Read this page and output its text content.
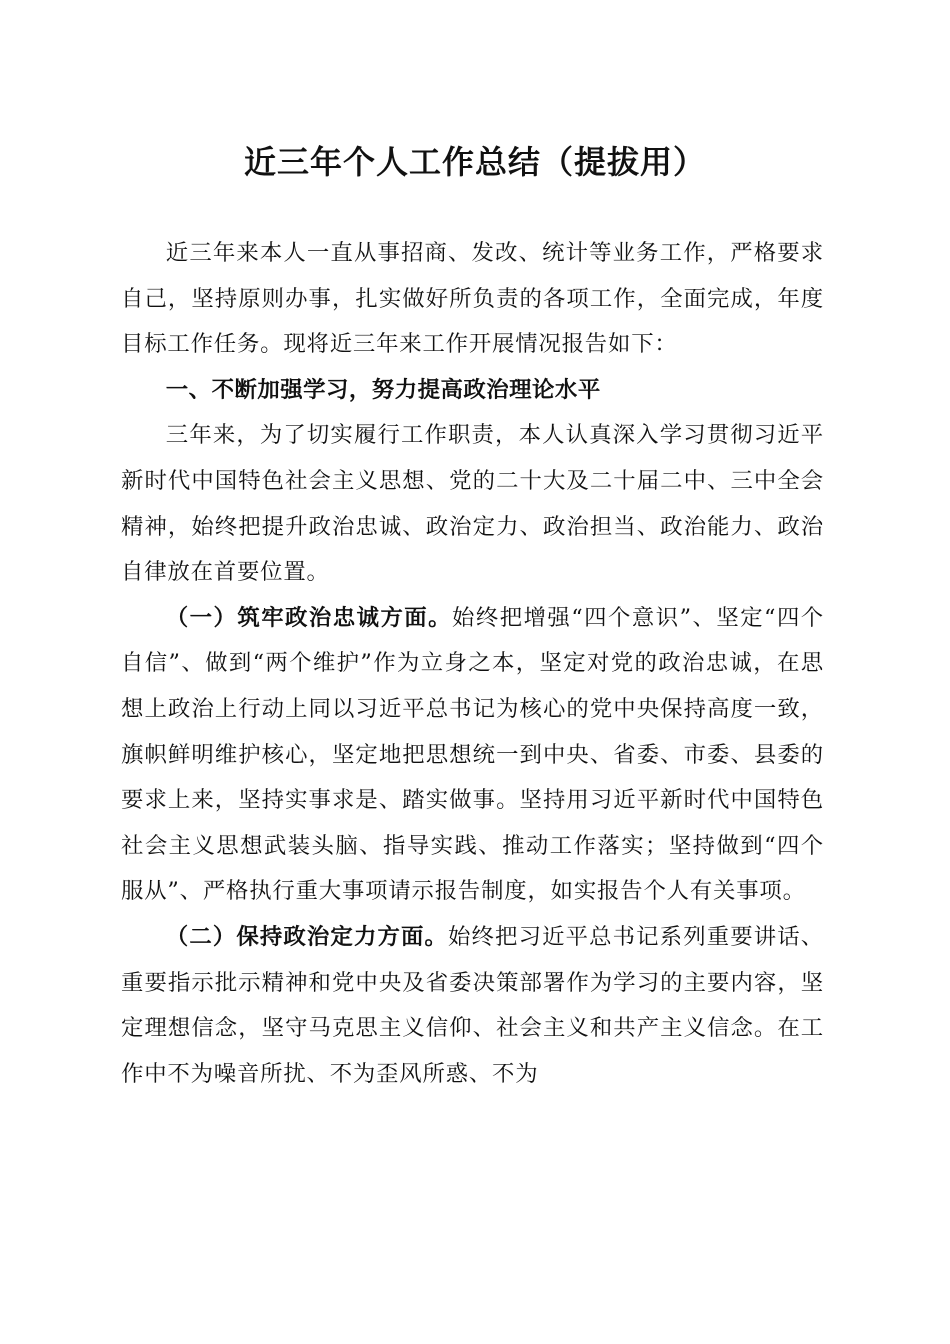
近三年个人工作总结（提拔用）

近三年来本人一直从事招商、发改、统计等业务工作，严格要求自己，坚持原则办事，扎实做好所负责的各项工作，全面完成，年度目标工作任务。现将近三年来工作开展情况报告如下：

一、不断加强学习，努力提高政治理论水平

三年来，为了切实履行工作职责，本人认真深入学习贯彻习近平新时代中国特色社会主义思想、党的二十大及二十届二中、三中全会精神，始终把提升政治忠诚、政治定力、政治担当、政治能力、政治自律放在首要位置。

（一）筑牢政治忠诚方面。始终把增强“四个意识”、坚定“四个自信”、做到“两个维护”作为立身之本，坚定对党的政治忠诚，在思想上政治上行动上同以习近平总书记为核心的党中央保持高度一致，旗帜鲜明维护核心，坚定地把思想统一到中央、省委、市委、县委的要求上来，坚持实事求是、踏实做事。坚持用习近平新时代中国特色社会主义思想武装头脑、指导实践、推动工作落实；坚持做到“四个服从”、严格执行重大事项请示报告制度，如实报告个人有关事项。

（二）保持政治定力方面。始终把习近平总书记系列重要讲话、重要指示批示精神和党中央及省委决策部署作为学习的主要内容，坚定理想信念，坚守马克思主义信仰、社会主义和共产主义信念。在工作中不为噪音所扰、不为歪风所惑、不为
